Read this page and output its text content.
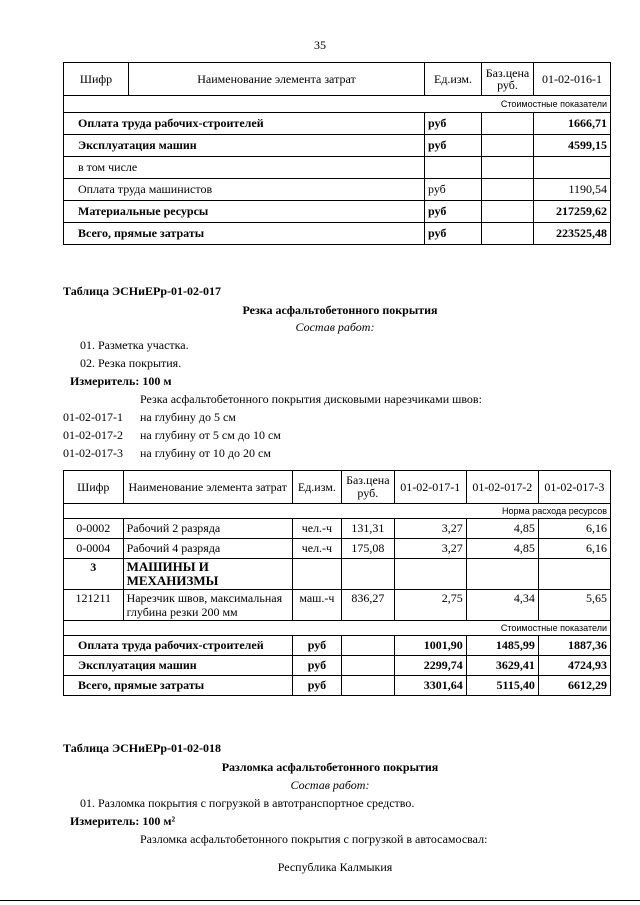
35
Шифр	Наименование элемента затрат	Ед.изм.	Баз.цена руб.	01-02-016-1
Стоимостные показатели				
Оплата труда рабочих-строителей		руб		1666,71
Эксплуатация машин		руб		4599,15
в том числе				
Оплата труда машинистов		руб		1190,54
Материальные ресурсы		руб		217259,62
Всего, прямые затраты		руб		223525,48
Таблица ЭСНиЕРр-01-02-017
Резка асфальтобетонного покрытия
Состав работ:
01. Разметка участка.
02. Резка покрытия.
Измеритель: 100 м
Резка асфальтобетонного покрытия дисковыми нарезчиками швов:
01-02-017-1 на глубину до 5 см
01-02-017-2 на глубину от 5 см до 10 см
01-02-017-3 на глубину от 10 до 20 см
Шифр	Наименование элемента затрат	Ед.изм.	Баз.цена руб.	01-02-017-1	01-02-017-2	01-02-017-3
Норма расхода ресурсов						
0-0002	Рабочий 2 разряда	чел.-ч	131,31	3,27	4,85	6,16
0-0004	Рабочий 4 разряда	чел.-ч	175,08	3,27	4,85	6,16
3	МАШИНЫ И МЕХАНИЗМЫ					
121211	Нарезчик швов, максимальная глубина резки 200 мм	маш.-ч	836,27	2,75	4,34	5,65
Стоимостные показатели						
Оплата труда рабочих-строителей		руб		1001,90	1485,99	1887,36
Эксплуатация машин		руб		2299,74	3629,41	4724,93
Всего, прямые затраты		руб		3301,64	5115,40	6612,29
Таблица ЭСНиЕРр-01-02-018
Разломка асфальтобетонного покрытия
Состав работ:
01. Разломка покрытия с погрузкой в автотранспортное средство.
Измеритель: 100 м²
Разломка асфальтобетонного покрытия с погрузкой в автосамосвал:
Республика Калмыкия
